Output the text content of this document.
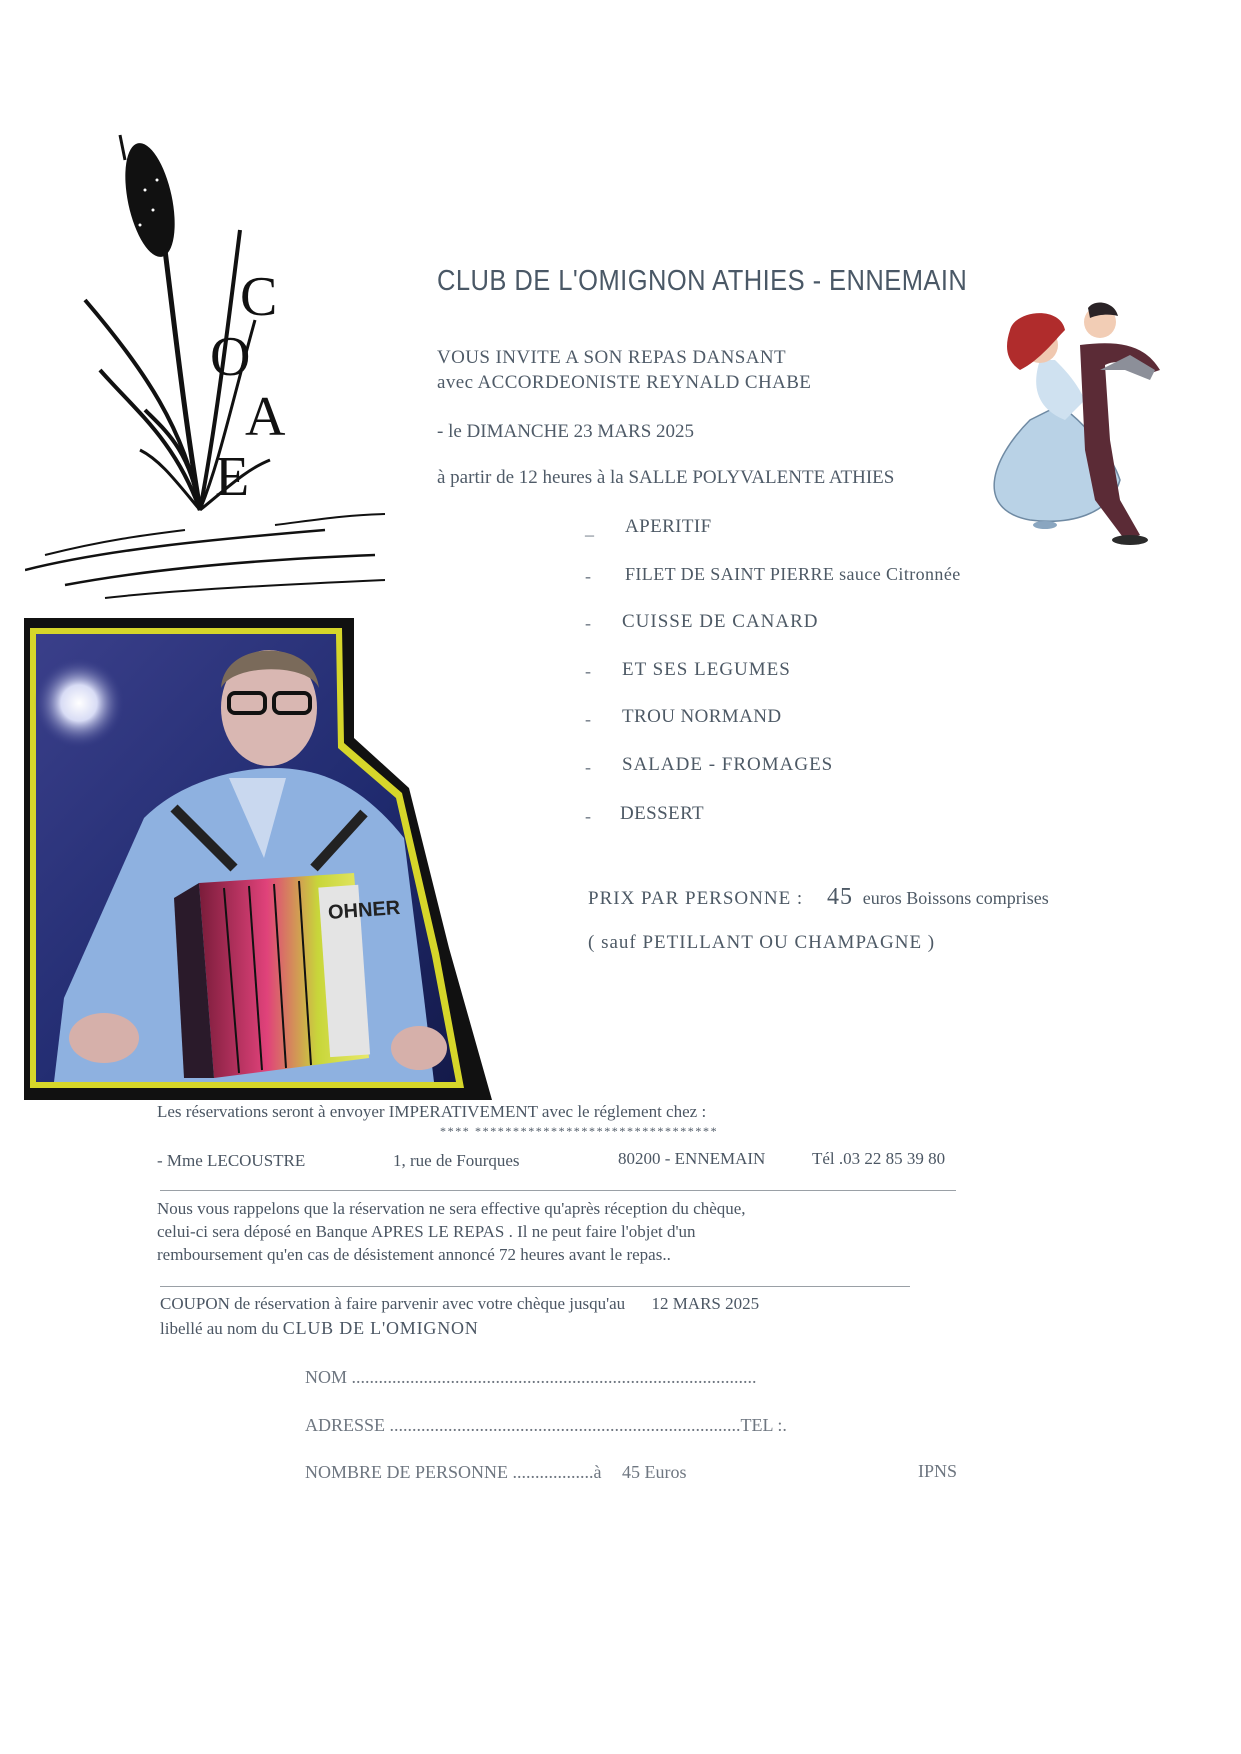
C
O
A
E
CLUB DE L'OMIGNON ATHIES - ENNEMAIN
VOUS INVITE A SON REPAS DANSANT
avec ACCORDEONISTE REYNALD CHABE
- le DIMANCHE 23 MARS 2025
à partir de 12 heures à la SALLE POLYVALENTE ATHIES
_ APERITIF
- FILET DE SAINT PIERRE sauce Citronnée
- CUISSE DE CANARD
- ET SES LEGUMES
- TROU NORMAND
- SALADE - FROMAGES
- DESSERT
PRIX PAR PERSONNE : 45 euros Boissons comprises
( sauf PETILLANT OU CHAMPAGNE )
OHNER
Les réservations seront à envoyer IMPERATIVEMENT avec le réglement chez :
**** ********************************
- Mme LECOUSTRE	1, rue de Fourques	80200 - ENNEMAIN	Tél .03 22 85 39 80
Nous vous rappelons que la réservation ne sera effective qu'après réception du chèque,
celui-ci sera déposé en Banque APRES LE REPAS . Il ne peut faire l'objet d'un
remboursement qu'en cas de désistement annoncé 72 heures avant le repas..
COUPON de réservation à faire parvenir avec votre chèque jusqu'au 12 MARS 2025
libellé au nom du CLUB DE L'OMIGNON
NOM ..........................................................................................
ADRESSE ..............................................................................TEL :.
NOMBRE DE PERSONNE ..................à 45 Euros	IPNS
